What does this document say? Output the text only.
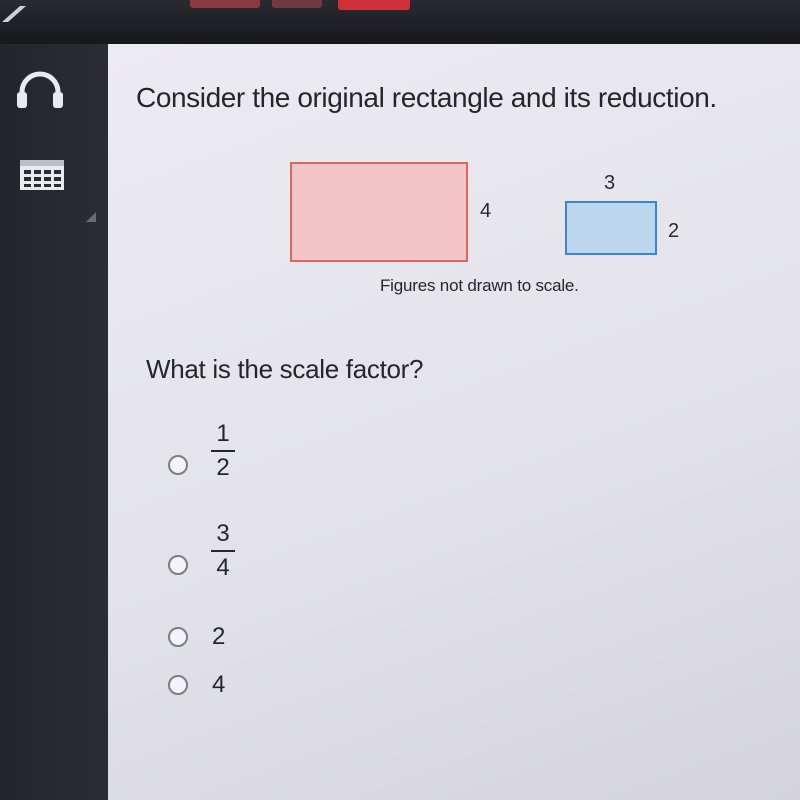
Consider the original rectangle and its reduction.
4
3
2
Figures not drawn to scale.
What is the scale factor?
1
2
3
4
2
4
